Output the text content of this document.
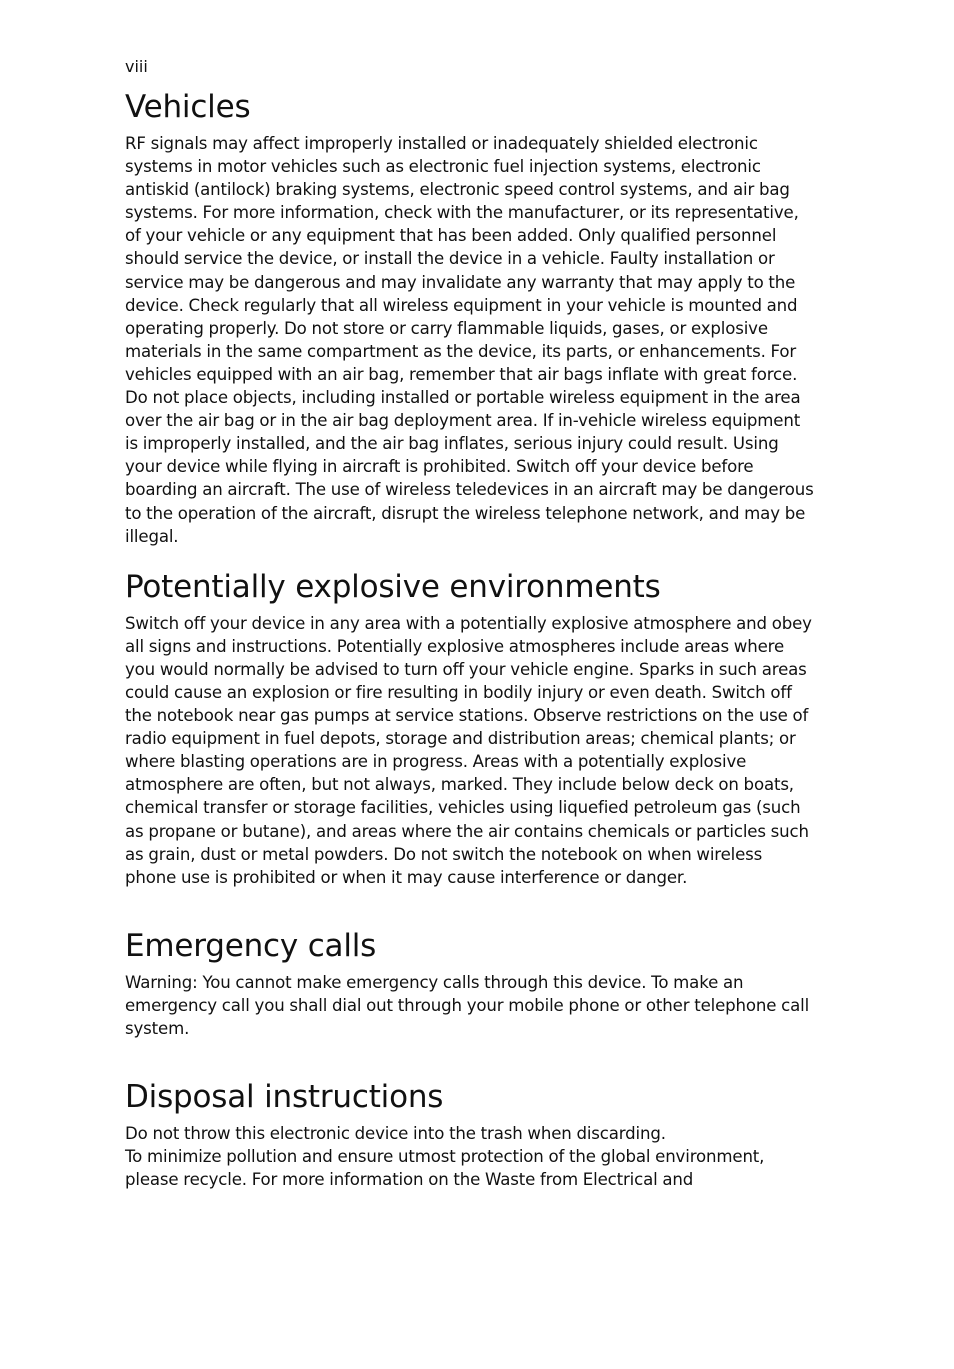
viii
Vehicles

RF signals may affect improperly installed or inadequately shielded electronic systems in motor vehicles such as electronic fuel injection systems, electronic antiskid (antilock) braking systems, electronic speed control systems, and air bag systems. For more information, check with the manufacturer, or its representative, of your vehicle or any equipment that has been added. Only qualified personnel should service the device, or install the device in a vehicle. Faulty installation or service may be dangerous and may invalidate any warranty that may apply to the device. Check regularly that all wireless equipment in your vehicle is mounted and operating properly. Do not store or carry flammable liquids, gases, or explosive materials in the same compartment as the device, its parts, or enhancements. For vehicles equipped with an air bag, remember that air bags inflate with great force. Do not place objects, including installed or portable wireless equipment in the area over the air bag or in the air bag deployment area. If in-vehicle wireless equipment is improperly installed, and the air bag inflates, serious injury could result. Using your device while flying in aircraft is prohibited. Switch off your device before boarding an aircraft. The use of wireless teledevices in an aircraft may be dangerous to the operation of the aircraft, disrupt the wireless telephone network, and may be illegal.

Potentially explosive environments

Switch off your device in any area with a potentially explosive atmosphere and obey all signs and instructions. Potentially explosive atmospheres include areas where you would normally be advised to turn off your vehicle engine. Sparks in such areas could cause an explosion or fire resulting in bodily injury or even death. Switch off the notebook near gas pumps at service stations. Observe restrictions on the use of radio equipment in fuel depots, storage and distribution areas; chemical plants; or where blasting operations are in progress. Areas with a potentially explosive atmosphere are often, but not always, marked. They include below deck on boats, chemical transfer or storage facilities, vehicles using liquefied petroleum gas (such as propane or butane), and areas where the air contains chemicals or particles such as grain, dust or metal powders. Do not switch the notebook on when wireless phone use is prohibited or when it may cause interference or danger.

Emergency calls

Warning: You cannot make emergency calls through this device. To make an emergency call you shall dial out through your mobile phone or other telephone call system.

Disposal instructions

Do not throw this electronic device into the trash when discarding.

To minimize pollution and ensure utmost protection of the global environment, please recycle. For more information on the Waste from Electrical and
